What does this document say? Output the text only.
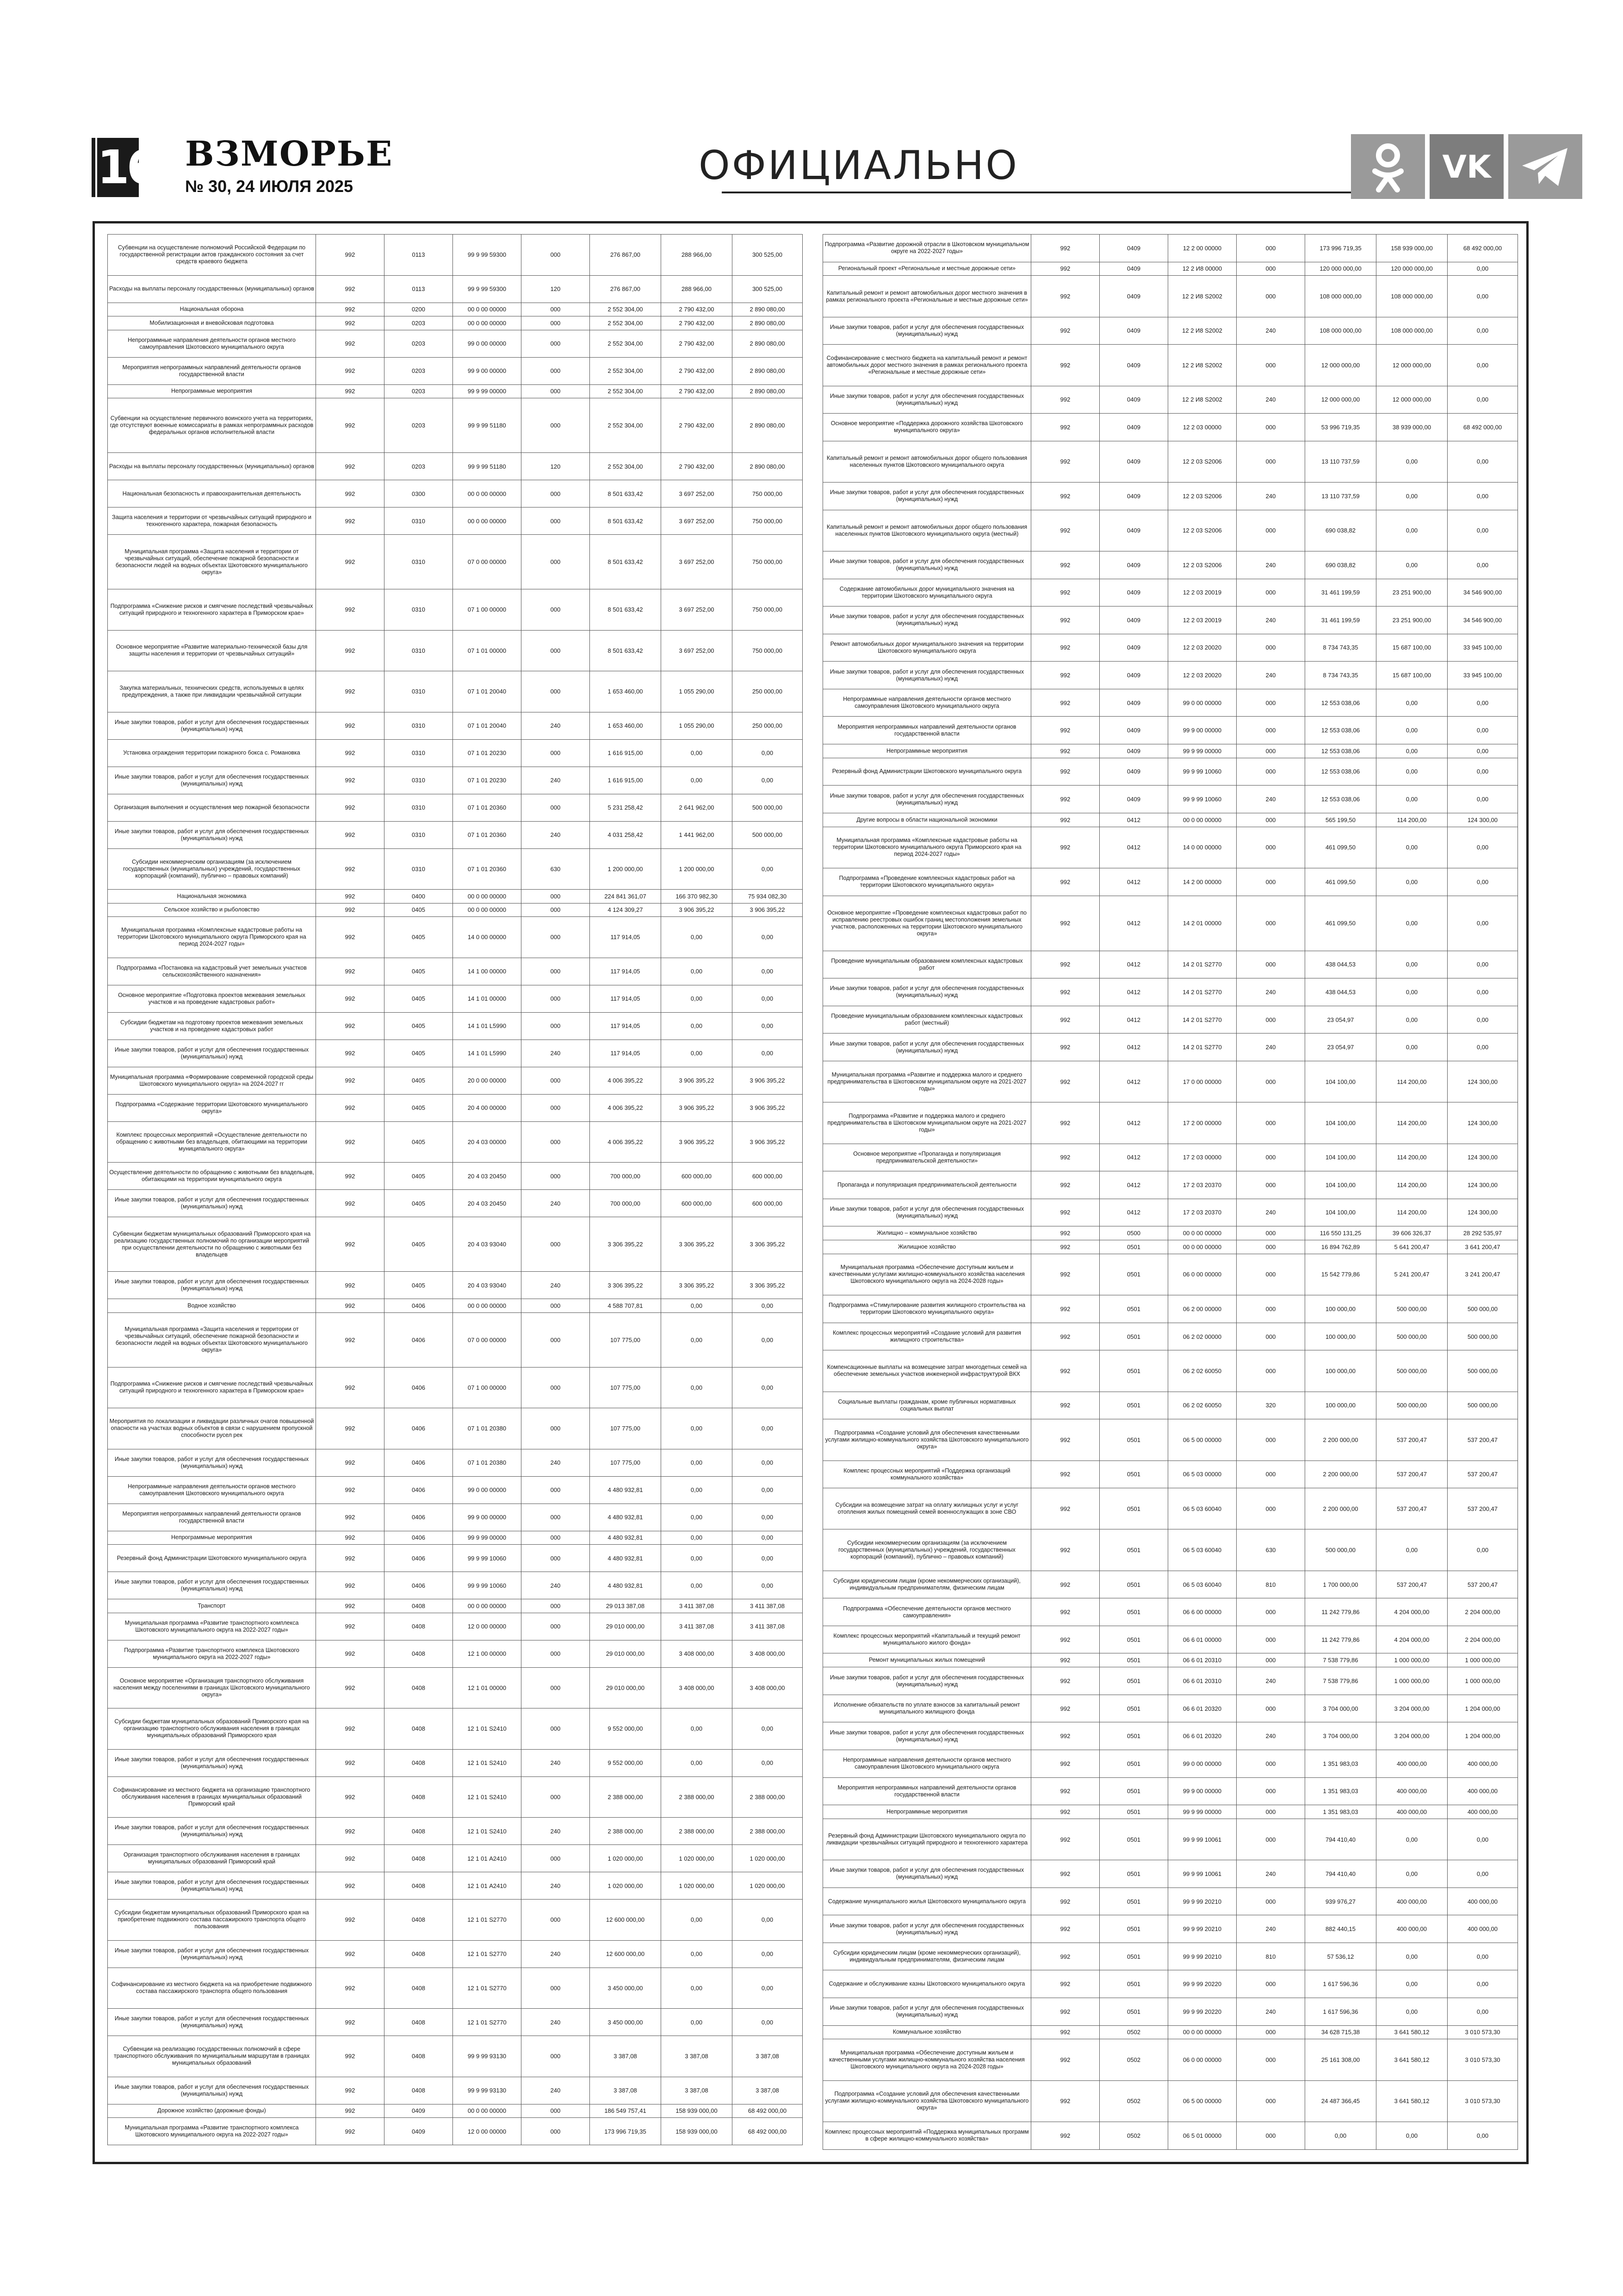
16 ВЗМОРЬЕ
№ 30, 24 ИЮЛЯ 2025	ОФИЦИАЛЬНО	VK
Субвенции на осуществление полномочий Российской Федерации по государственной регистрации актов гражданского состояния за счет средств краевого бюджета	992	0113	99 9 99 59300	000	276 867,00	288 966,00	300 525,00
Расходы на выплаты персоналу государственных (муниципальных) органов	992	0113	99 9 99 59300	120	276 867,00	288 966,00	300 525,00
Национальная оборона	992	0200	00 0 00 00000	000	2 552 304,00	2 790 432,00	2 890 080,00
Мобилизационная и вневойсковая подготовка	992	0203	00 0 00 00000	000	2 552 304,00	2 790 432,00	2 890 080,00
Непрограммные направления деятельности органов местного самоуправления Шкотовского муниципального округа	992	0203	99 0 00 00000	000	2 552 304,00	2 790 432,00	2 890 080,00
Мероприятия непрограммных направлений деятельности органов государственной власти	992	0203	99 9 00 00000	000	2 552 304,00	2 790 432,00	2 890 080,00
Непрограммные мероприятия	992	0203	99 9 99 00000	000	2 552 304,00	2 790 432,00	2 890 080,00
Субвенции на осуществление первичного воинского учета на территориях, где отсутствуют военные комиссариаты в рамках непрограммных расходов федеральных органов исполнительной власти	992	0203	99 9 99 51180	000	2 552 304,00	2 790 432,00	2 890 080,00
Расходы на выплаты персоналу государственных (муниципальных) органов	992	0203	99 9 99 51180	120	2 552 304,00	2 790 432,00	2 890 080,00
Национальная безопасность и правоохранительная деятельность	992	0300	00 0 00 00000	000	8 501 633,42	3 697 252,00	750 000,00
Защита населения и территории от чрезвычайных ситуаций природного и техногенного характера, пожарная безопасность	992	0310	00 0 00 00000	000	8 501 633,42	3 697 252,00	750 000,00
Муниципальная программа «Защита населения и территории от чрезвычайных ситуаций, обеспечение пожарной безопасности и безопасности людей на водных объектах Шкотовского муниципального округа»	992	0310	07 0 00 00000	000	8 501 633,42	3 697 252,00	750 000,00
Подпрограмма «Снижение рисков и смягчение последствий чрезвычайных ситуаций природного и техногенного характера в Приморском крае»	992	0310	07 1 00 00000	000	8 501 633,42	3 697 252,00	750 000,00
Основное мероприятие «Развитие материально-технической базы для защиты населения и территории от чрезвычайных ситуаций»	992	0310	07 1 01 00000	000	8 501 633,42	3 697 252,00	750 000,00
Закупка материальных, технических средств, используемых в целях предупреждения, а также при ликвидации чрезвычайной ситуации	992	0310	07 1 01 20040	000	1 653 460,00	1 055 290,00	250 000,00
Иные закупки товаров, работ и услуг для обеспечения государственных (муниципальных) нужд	992	0310	07 1 01 20040	240	1 653 460,00	1 055 290,00	250 000,00
Установка ограждения территории пожарного бокса с. Романовка	992	0310	07 1 01 20230	000	1 616 915,00	0,00	0,00
Иные закупки товаров, работ и услуг для обеспечения государственных (муниципальных) нужд	992	0310	07 1 01 20230	240	1 616 915,00	0,00	0,00
Организация выполнения и осуществления мер пожарной безопасности	992	0310	07 1 01 20360	000	5 231 258,42	2 641 962,00	500 000,00
Иные закупки товаров, работ и услуг для обеспечения государственных (муниципальных) нужд	992	0310	07 1 01 20360	240	4 031 258,42	1 441 962,00	500 000,00
Субсидии некоммерческим организациям (за исключением государственных (муниципальных) учреждений, государственных корпораций (компаний), публично – правовых компаний)	992	0310	07 1 01 20360	630	1 200 000,00	1 200 000,00	0,00
Национальная экономика	992	0400	00 0 00 00000	000	224 841 361,07	166 370 982,30	75 934 082,30
Сельское хозяйство и рыболовство	992	0405	00 0 00 00000	000	4 124 309,27	3 906 395,22	3 906 395,22
Муниципальная программа «Комплексные кадастровые работы на территории Шкотовского муниципального округа Приморского края на период 2024-2027 годы»	992	0405	14 0 00 00000	000	117 914,05	0,00	0,00
Подпрограмма «Постановка на кадастровый учет земельных участков сельскохозяйственного назначения»	992	0405	14 1 00 00000	000	117 914,05	0,00	0,00
Основное мероприятие «Подготовка проектов межевания земельных участков и на проведение кадастровых работ»	992	0405	14 1 01 00000	000	117 914,05	0,00	0,00
Субсидии бюджетам на подготовку проектов межевания земельных участков и на проведение кадастровых работ	992	0405	14 1 01 L5990	000	117 914,05	0,00	0,00
Иные закупки товаров, работ и услуг для обеспечения государственных (муниципальных) нужд	992	0405	14 1 01 L5990	240	117 914,05	0,00	0,00
Муниципальная программа «Формирование современной городской среды Шкотовского муниципального округа» на 2024-2027 гг	992	0405	20 0 00 00000	000	4 006 395,22	3 906 395,22	3 906 395,22
Подпрограмма «Содержание территории Шкотовского муниципального округа»	992	0405	20 4 00 00000	000	4 006 395,22	3 906 395,22	3 906 395,22
Комплекс процессных мероприятий «Осуществление деятельности по обращению с животными без владельцев, обитающими на территории муниципального округа»	992	0405	20 4 03 00000	000	4 006 395,22	3 906 395,22	3 906 395,22
Осуществление деятельности по обращению с животными без владельцев, обитающими на территории муниципального округа	992	0405	20 4 03 20450	000	700 000,00	600 000,00	600 000,00
Иные закупки товаров, работ и услуг для обеспечения государственных (муниципальных) нужд	992	0405	20 4 03 20450	240	700 000,00	600 000,00	600 000,00
Субвенции бюджетам муниципальных образований Приморского края на реализацию государственных полномочий по организации мероприятий при осуществлении деятельности по обращению с животными без владельцев	992	0405	20 4 03 93040	000	3 306 395,22	3 306 395,22	3 306 395,22
Иные закупки товаров, работ и услуг для обеспечения государственных (муниципальных) нужд	992	0405	20 4 03 93040	240	3 306 395,22	3 306 395,22	3 306 395,22
Водное хозяйство	992	0406	00 0 00 00000	000	4 588 707,81	0,00	0,00
Муниципальная программа «Защита населения и территории от чрезвычайных ситуаций, обеспечение пожарной безопасности и безопасности людей на водных объектах Шкотовского муниципального округа»	992	0406	07 0 00 00000	000	107 775,00	0,00	0,00
Подпрограмма «Снижение рисков и смягчение последствий чрезвычайных ситуаций природного и техногенного характера в Приморском крае»	992	0406	07 1 00 00000	000	107 775,00	0,00	0,00
Мероприятия по локализации и ликвидации различных очагов повышенной опасности на участках водных объектов в связи с нарушением пропускной способности русел рек	992	0406	07 1 01 20380	000	107 775,00	0,00	0,00
Иные закупки товаров, работ и услуг для обеспечения государственных (муниципальных) нужд	992	0406	07 1 01 20380	240	107 775,00	0,00	0,00
Непрограммные направления деятельности органов местного самоуправления Шкотовского муниципального округа	992	0406	99 0 00 00000	000	4 480 932,81	0,00	0,00
Мероприятия непрограммных направлений деятельности органов государственной власти	992	0406	99 9 00 00000	000	4 480 932,81	0,00	0,00
Непрограммные мероприятия	992	0406	99 9 99 00000	000	4 480 932,81	0,00	0,00
Резервный фонд Администрации Шкотовского муниципального округа	992	0406	99 9 99 10060	000	4 480 932,81	0,00	0,00
Иные закупки товаров, работ и услуг для обеспечения государственных (муниципальных) нужд	992	0406	99 9 99 10060	240	4 480 932,81	0,00	0,00
Транспорт	992	0408	00 0 00 00000	000	29 013 387,08	3 411 387,08	3 411 387,08
Муниципальная программа «Развитие транспортного комплекса Шкотовского муниципального округа на 2022-2027 годы»	992	0408	12 0 00 00000	000	29 010 000,00	3 411 387,08	3 411 387,08
Подпрограмма «Развитие транспортного комплекса Шкотовского муниципального округа на 2022-2027 годы»	992	0408	12 1 00 00000	000	29 010 000,00	3 408 000,00	3 408 000,00
Основное мероприятие «Организация транспортного обслуживания населения между поселениями в границах Шкотовского муниципального округа»	992	0408	12 1 01 00000	000	29 010 000,00	3 408 000,00	3 408 000,00
Субсидии бюджетам муниципальных образований Приморского края на организацию транспортного обслуживания населения в границах муниципальных образований Приморского края	992	0408	12 1 01 S2410	000	9 552 000,00	0,00	0,00
Иные закупки товаров, работ и услуг для обеспечения государственных (муниципальных) нужд	992	0408	12 1 01 S2410	240	9 552 000,00	0,00	0,00
Софинансирование из местного бюджета на организацию транспортного обслуживания населения в границах муниципальных образований Приморский край	992	0408	12 1 01 S2410	000	2 388 000,00	2 388 000,00	2 388 000,00
Иные закупки товаров, работ и услуг для обеспечения государственных (муниципальных) нужд	992	0408	12 1 01 S2410	240	2 388 000,00	2 388 000,00	2 388 000,00
Организация транспортного обслуживания населения в границах муниципальных образований Приморский край	992	0408	12 1 01 А2410	000	1 020 000,00	1 020 000,00	1 020 000,00
Иные закупки товаров, работ и услуг для обеспечения государственных (муниципальных) нужд	992	0408	12 1 01 А2410	240	1 020 000,00	1 020 000,00	1 020 000,00
Субсидии бюджетам муниципальных образований Приморского края на приобретение подвижного состава пассажирского транспорта общего пользования	992	0408	12 1 01 S2770	000	12 600 000,00	0,00	0,00
Иные закупки товаров, работ и услуг для обеспечения государственных (муниципальных) нужд	992	0408	12 1 01 S2770	240	12 600 000,00	0,00	0,00
Софинансирование из местного бюджета на на приобретение подвижного состава пассажирского транспорта общего пользования	992	0408	12 1 01 S2770	000	3 450 000,00	0,00	0,00
Иные закупки товаров, работ и услуг для обеспечения государственных (муниципальных) нужд	992	0408	12 1 01 S2770	240	3 450 000,00	0,00	0,00
Субвенции на реализацию государственных полномочий в сфере транспортного обслуживания по муниципальным маршрутам в границах муниципальных образований	992	0408	99 9 99 93130	000	3 387,08	3 387,08	3 387,08
Иные закупки товаров, работ и услуг для обеспечения государственных (муниципальных) нужд	992	0408	99 9 99 93130	240	3 387,08	3 387,08	3 387,08
Дорожное хозяйство (дорожные фонды)	992	0409	00 0 00 00000	000	186 549 757,41	158 939 000,00	68 492 000,00
Муниципальная программа «Развитие транспортного комплекса Шкотовского муниципального округа на 2022-2027 годы»	992	0409	12 0 00 00000	000	173 996 719,35	158 939 000,00	68 492 000,00
Подпрограмма «Развитие дорожной отрасли в Шкотовском муниципальном округе на 2022-2027 годы»	992	0409	12 2 00 00000	000	173 996 719,35	158 939 000,00	68 492 000,00
Региональный проект «Региональные и местные дорожные сети»	992	0409	12 2 И8 00000	000	120 000 000,00	120 000 000,00	0,00
Капитальный ремонт и ремонт автомобильных дорог местного значения в рамках регионального проекта «Региональные и местные дорожные сети»	992	0409	12 2 И8 S2002	000	108 000 000,00	108 000 000,00	0,00
Иные закупки товаров, работ и услуг для обеспечения государственных (муниципальных) нужд	992	0409	12 2 И8 S2002	240	108 000 000,00	108 000 000,00	0,00
Софинансирование с местного бюджета на капитальный ремонт и ремонт автомобильных дорог местного значения в рамках регионального проекта «Региональные и местные дорожные сети»	992	0409	12 2 И8 S2002	000	12 000 000,00	12 000 000,00	0,00
Иные закупки товаров, работ и услуг для обеспечения государственных (муниципальных) нужд	992	0409	12 2 И8 S2002	240	12 000 000,00	12 000 000,00	0,00
Основное мероприятие «Поддержка дорожного хозяйства Шкотовского муниципального округа»	992	0409	12 2 03 00000	000	53 996 719,35	38 939 000,00	68 492 000,00
Капитальный ремонт и ремонт автомобильных дорог общего пользования населенных пунктов Шкотовского муниципального округа	992	0409	12 2 03 S2006	000	13 110 737,59	0,00	0,00
Иные закупки товаров, работ и услуг для обеспечения государственных (муниципальных) нужд	992	0409	12 2 03 S2006	240	13 110 737,59	0,00	0,00
Капитальный ремонт и ремонт автомобильных дорог общего пользования населенных пунктов Шкотовского муниципального округа (местный)	992	0409	12 2 03 S2006	000	690 038,82	0,00	0,00
Иные закупки товаров, работ и услуг для обеспечения государственных (муниципальных) нужд	992	0409	12 2 03 S2006	240	690 038,82	0,00	0,00
Содержание автомобильных дорог муниципального значения на территории Шкотовского муниципального округа	992	0409	12 2 03 20019	000	31 461 199,59	23 251 900,00	34 546 900,00
Иные закупки товаров, работ и услуг для обеспечения государственных (муниципальных) нужд	992	0409	12 2 03 20019	240	31 461 199,59	23 251 900,00	34 546 900,00
Ремонт автомобильных дорог муниципального значения на территории Шкотовского муниципального округа	992	0409	12 2 03 20020	000	8 734 743,35	15 687 100,00	33 945 100,00
Иные закупки товаров, работ и услуг для обеспечения государственных (муниципальных) нужд	992	0409	12 2 03 20020	240	8 734 743,35	15 687 100,00	33 945 100,00
Непрограммные направления деятельности органов местного самоуправления Шкотовского муниципального округа	992	0409	99 0 00 00000	000	12 553 038,06	0,00	0,00
Мероприятия непрограммных направлений деятельности органов государственной власти	992	0409	99 9 00 00000	000	12 553 038,06	0,00	0,00
Непрограммные мероприятия	992	0409	99 9 99 00000	000	12 553 038,06	0,00	0,00
Резервный фонд Администрации Шкотовского муниципального округа	992	0409	99 9 99 10060	000	12 553 038,06	0,00	0,00
Иные закупки товаров, работ и услуг для обеспечения государственных (муниципальных) нужд	992	0409	99 9 99 10060	240	12 553 038,06	0,00	0,00
Другие вопросы в области национальной экономики	992	0412	00 0 00 00000	000	565 199,50	114 200,00	124 300,00
Муниципальная программа «Комплексные кадастровые работы на территории Шкотовского муниципального округа Приморского края на период 2024-2027 годы»	992	0412	14 0 00 00000	000	461 099,50	0,00	0,00
Подпрограмма «Проведение комплексных кадастровых работ на территории Шкотовского муниципального округа»	992	0412	14 2 00 00000	000	461 099,50	0,00	0,00
Основное мероприятие «Проведение комплексных кадастровых работ по исправлению реестровых ошибок границ местоположения земельных участков, расположенных на территории Шкотовского муниципального округа»	992	0412	14 2 01 00000	000	461 099,50	0,00	0,00
Проведение муниципальным образованием комплексных кадастровых работ	992	0412	14 2 01 S2770	000	438 044,53	0,00	0,00
Иные закупки товаров, работ и услуг для обеспечения государственных (муниципальных) нужд	992	0412	14 2 01 S2770	240	438 044,53	0,00	0,00
Проведение муниципальным образованием комплексных кадастровых работ (местный)	992	0412	14 2 01 S2770	000	23 054,97	0,00	0,00
Иные закупки товаров, работ и услуг для обеспечения государственных (муниципальных) нужд	992	0412	14 2 01 S2770	240	23 054,97	0,00	0,00
Муниципальная программа «Развитие и поддержка малого и среднего предпринимательства в Шкотовском муниципальном округе на 2021-2027 годы»	992	0412	17 0 00 00000	000	104 100,00	114 200,00	124 300,00
Подпрограмма «Развитие и поддержка малого и среднего предпринимательства в Шкотовском муниципальном округе на 2021-2027 годы»	992	0412	17 2 00 00000	000	104 100,00	114 200,00	124 300,00
Основное мероприятие «Пропаганда и популяризация предпринимательской деятельности»	992	0412	17 2 03 00000	000	104 100,00	114 200,00	124 300,00
Пропаганда и популяризация предпринимательской деятельности	992	0412	17 2 03 20370	000	104 100,00	114 200,00	124 300,00
Иные закупки товаров, работ и услуг для обеспечения государственных (муниципальных) нужд	992	0412	17 2 03 20370	240	104 100,00	114 200,00	124 300,00
Жилищно – коммунальное хозяйство	992	0500	00 0 00 00000	000	116 550 131,25	39 606 326,37	28 292 535,97
Жилищное хозяйство	992	0501	00 0 00 00000	000	16 894 762,89	5 641 200,47	3 641 200,47
Муниципальная программа «Обеспечение доступным жильем и качественными услугами жилищно-коммунального хозяйства населения Шкотовского муниципального округа на 2024-2028 годы»	992	0501	06 0 00 00000	000	15 542 779,86	5 241 200,47	3 241 200,47
Подпрограмма «Стимулирование развития жилищного строительства на территории Шкотовского муниципального округа»	992	0501	06 2 00 00000	000	100 000,00	500 000,00	500 000,00
Комплекс процессных мероприятий «Создание условий для развития жилищного строительства»	992	0501	06 2 02 00000	000	100 000,00	500 000,00	500 000,00
Компенсационные выплаты на возмещение затрат многодетных семей на обеспечение земельных участков инженерной инфраструктурой ВКХ	992	0501	06 2 02 60050	000	100 000,00	500 000,00	500 000,00
Социальные выплаты гражданам, кроме публичных нормативных социальных выплат	992	0501	06 2 02 60050	320	100 000,00	500 000,00	500 000,00
Подпрограмма «Создание условий для обеспечения качественными услугами жилищно-коммунального хозяйства Шкотовского муниципального округа»	992	0501	06 5 00 00000	000	2 200 000,00	537 200,47	537 200,47
Комплекс процессных мероприятий «Поддержка организаций коммунального хозяйства»	992	0501	06 5 03 00000	000	2 200 000,00	537 200,47	537 200,47
Субсидии на возмещение затрат на оплату жилищных услуг и услуг отопления жилых помещений семей военнослужащих в зоне СВО	992	0501	06 5 03 60040	000	2 200 000,00	537 200,47	537 200,47
Субсидии некоммерческим организациям (за исключением государственных (муниципальных) учреждений, государственных корпораций (компаний), публично – правовых компаний)	992	0501	06 5 03 60040	630	500 000,00	0,00	0,00
Субсидии юридическим лицам (кроме некоммерческих организаций), индивидуальным предпринимателям, физическим лицам	992	0501	06 5 03 60040	810	1 700 000,00	537 200,47	537 200,47
Подпрограмма «Обеспечение деятельности органов местного самоуправления»	992	0501	06 6 00 00000	000	11 242 779,86	4 204 000,00	2 204 000,00
Комплекс процессных мероприятий «Капитальный и текущий ремонт муниципального жилого фонда»	992	0501	06 6 01 00000	000	11 242 779,86	4 204 000,00	2 204 000,00
Ремонт муниципальных жилых помещений	992	0501	06 6 01 20310	000	7 538 779,86	1 000 000,00	1 000 000,00
Иные закупки товаров, работ и услуг для обеспечения государственных (муниципальных) нужд	992	0501	06 6 01 20310	240	7 538 779,86	1 000 000,00	1 000 000,00
Исполнение обязательств по уплате взносов за капитальный ремонт муниципального жилищного фонда	992	0501	06 6 01 20320	000	3 704 000,00	3 204 000,00	1 204 000,00
Иные закупки товаров, работ и услуг для обеспечения государственных (муниципальных) нужд	992	0501	06 6 01 20320	240	3 704 000,00	3 204 000,00	1 204 000,00
Непрограммные направления деятельности органов местного самоуправления Шкотовского муниципального округа	992	0501	99 0 00 00000	000	1 351 983,03	400 000,00	400 000,00
Мероприятия непрограммных направлений деятельности органов государственной власти	992	0501	99 9 00 00000	000	1 351 983,03	400 000,00	400 000,00
Непрограммные мероприятия	992	0501	99 9 99 00000	000	1 351 983,03	400 000,00	400 000,00
Резервный фонд Администрации Шкотовского муниципального округа по ликвидации чрезвычайных ситуаций природного и техногенного характера	992	0501	99 9 99 10061	000	794 410,40	0,00	0,00
Иные закупки товаров, работ и услуг для обеспечения государственных (муниципальных) нужд	992	0501	99 9 99 10061	240	794 410,40	0,00	0,00
Содержание муниципального жилья Шкотовского муниципального округа	992	0501	99 9 99 20210	000	939 976,27	400 000,00	400 000,00
Иные закупки товаров, работ и услуг для обеспечения государственных (муниципальных) нужд	992	0501	99 9 99 20210	240	882 440,15	400 000,00	400 000,00
Субсидии юридическим лицам (кроме некоммерческих организаций), индивидуальным предпринимателям, физическим лицам	992	0501	99 9 99 20210	810	57 536,12	0,00	0,00
Содержание и обслуживание казны Шкотовского муниципального округа	992	0501	99 9 99 20220	000	1 617 596,36	0,00	0,00
Иные закупки товаров, работ и услуг для обеспечения государственных (муниципальных) нужд	992	0501	99 9 99 20220	240	1 617 596,36	0,00	0,00
Коммунальное хозяйство	992	0502	00 0 00 00000	000	34 628 715,38	3 641 580,12	3 010 573,30
Муниципальная программа «Обеспечение доступным жильем и качественными услугами жилищно-коммунального хозяйства населения Шкотовского муниципального округа на 2024-2028 годы»	992	0502	06 0 00 00000	000	25 161 308,00	3 641 580,12	3 010 573,30
Подпрограмма «Создание условий для обеспечения качественными услугами жилищно-коммунального хозяйства Шкотовского муниципального округа»	992	0502	06 5 00 00000	000	24 487 366,45	3 641 580,12	3 010 573,30
Комплекс процессных мероприятий «Поддержка муниципальных программ в сфере жилищно-коммунального хозяйства»	992	0502	06 5 01 00000	000	0,00	0,00	0,00
